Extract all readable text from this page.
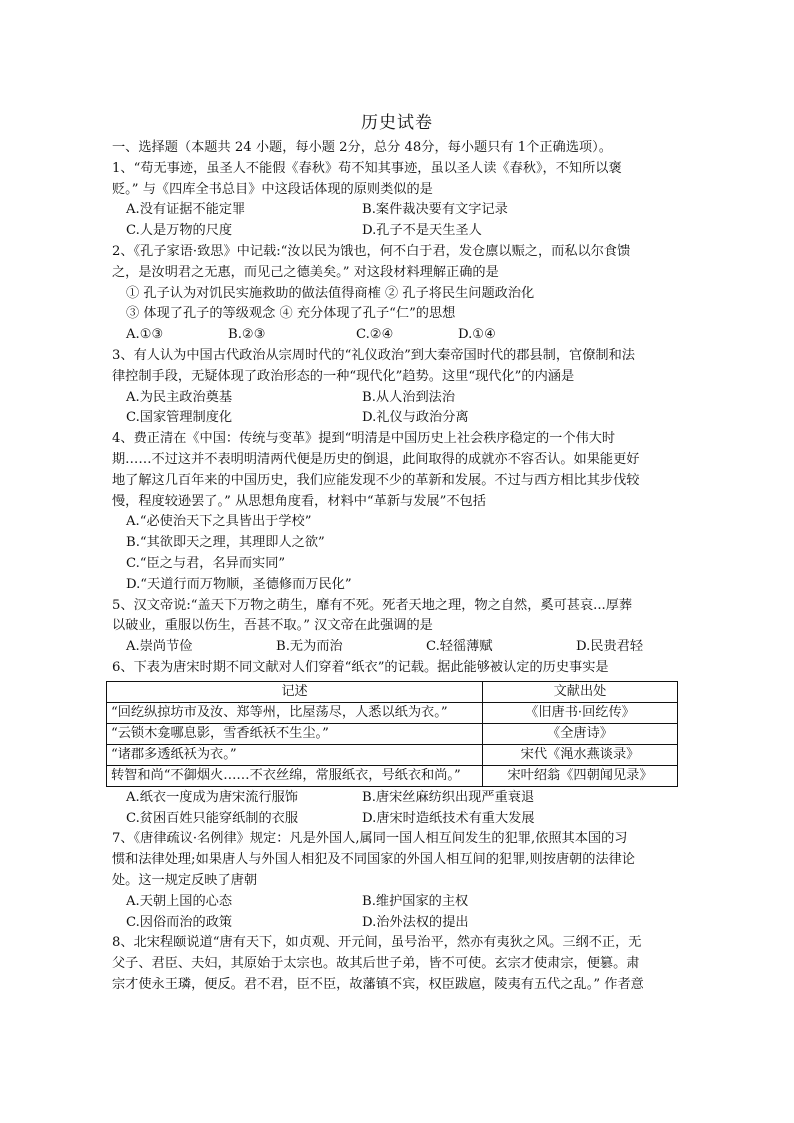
历史试卷
一、选择题（本题共 24 小题，每小题 2分，总分 48分，每小题只有 1个正确选项）。
1、“苟无事迹，虽圣人不能假《春秋》苟不知其事迹，虽以圣人读《春秋》，不知所以褒
贬。” 与《四库全书总目》中这段话体现的原则类似的是
A.没有证据不能定罪	B.案件裁决要有文字记录
C.人是万物的尺度	D.孔子不是天生圣人
2、《孔子家语·致思》中记载:“汝以民为饿也，何不白于君，发仓廪以赈之，而私以尔食馈
之，是汝明君之无惠，而见己之德美矣。” 对这段材料理解正确的是
① 孔子认为对饥民实施救助的做法值得商榷 ② 孔子将民生问题政治化
③ 体现了孔子的等级观念 ④ 充分体现了孔子“仁”的思想
A.①③	B.②③	C.②④	D.①④
3、有人认为中国古代政治从宗周时代的“礼仪政治”到大秦帝国时代的郡县制，官僚制和法
律控制手段，无疑体现了政治形态的一种“现代化”趋势。这里“现代化”的内涵是
A.为民主政治奠基	B.从人治到法治
C.国家管理制度化	D.礼仪与政治分离
4、费正清在《中国：传统与变革》提到“明清是中国历史上社会秩序稳定的一个伟大时
期……不过这并不表明明清两代便是历史的倒退，此间取得的成就亦不容否认。如果能更好
地了解这几百年来的中国历史，我们应能发现不少的革新和发展。不过与西方相比其步伐较
慢，程度较逊罢了。” 从思想角度看，材料中“革新与发展”不包括
A.“必使治天下之具皆出于学校”
B.“其欲即天之理，其理即人之欲”
C.“臣之与君，名异而实同”
D.“天道行而万物顺，圣德修而万民化”
5、汉文帝说:“盖天下万物之萌生，靡有不死。死者天地之理，物之自然，奚可甚哀...厚葬
以破业，重服以伤生，吾甚不取。” 汉文帝在此强调的是
A.崇尚节俭	B.无为而治	C.轻徭薄赋	D.民贵君轻
6、下表为唐宋时期不同文献对人们穿着“纸衣”的记载。据此能够被认定的历史事实是
记述	文献出处
“回纥纵掠坊市及汝、郑等州，比屋荡尽，人悉以纸为衣。”	《旧唐书·回纥传》
“云锁木龛哪息影，雪香纸袄不生尘。”	《全唐诗》
“诸郡多透纸袄为衣。”	宋代《渑水燕谈录》
转智和尚“不御烟火……不衣丝绵，常服纸衣，号纸衣和尚。”	宋叶绍翁《四朝闻见录》
A.纸衣一度成为唐宋流行服饰	B.唐宋丝麻纺织出现严重衰退
C.贫困百姓只能穿纸制的衣服	D.唐宋时造纸技术有重大发展
7、《唐律疏议·名例律》规定：凡是外国人,属同一国人相互间发生的犯罪,依照其本国的习
惯和法律处理;如果唐人与外国人相犯及不同国家的外国人相互间的犯罪,则按唐朝的法律论
处。这一规定反映了唐朝
A.天朝上国的心态	B.维护国家的主权
C.因俗而治的政策	D.治外法权的提出
8、北宋程颐说道“唐有天下，如贞观、开元间，虽号治平，然亦有夷狄之风。三纲不正，无
父子、君臣、夫妇，其原始于太宗也。故其后世子弟，皆不可使。玄宗才使肃宗，便篡。肃
宗才使永王璘，便反。君不君，臣不臣，故藩镇不宾，权臣跋扈，陵夷有五代之乱。” 作者意
